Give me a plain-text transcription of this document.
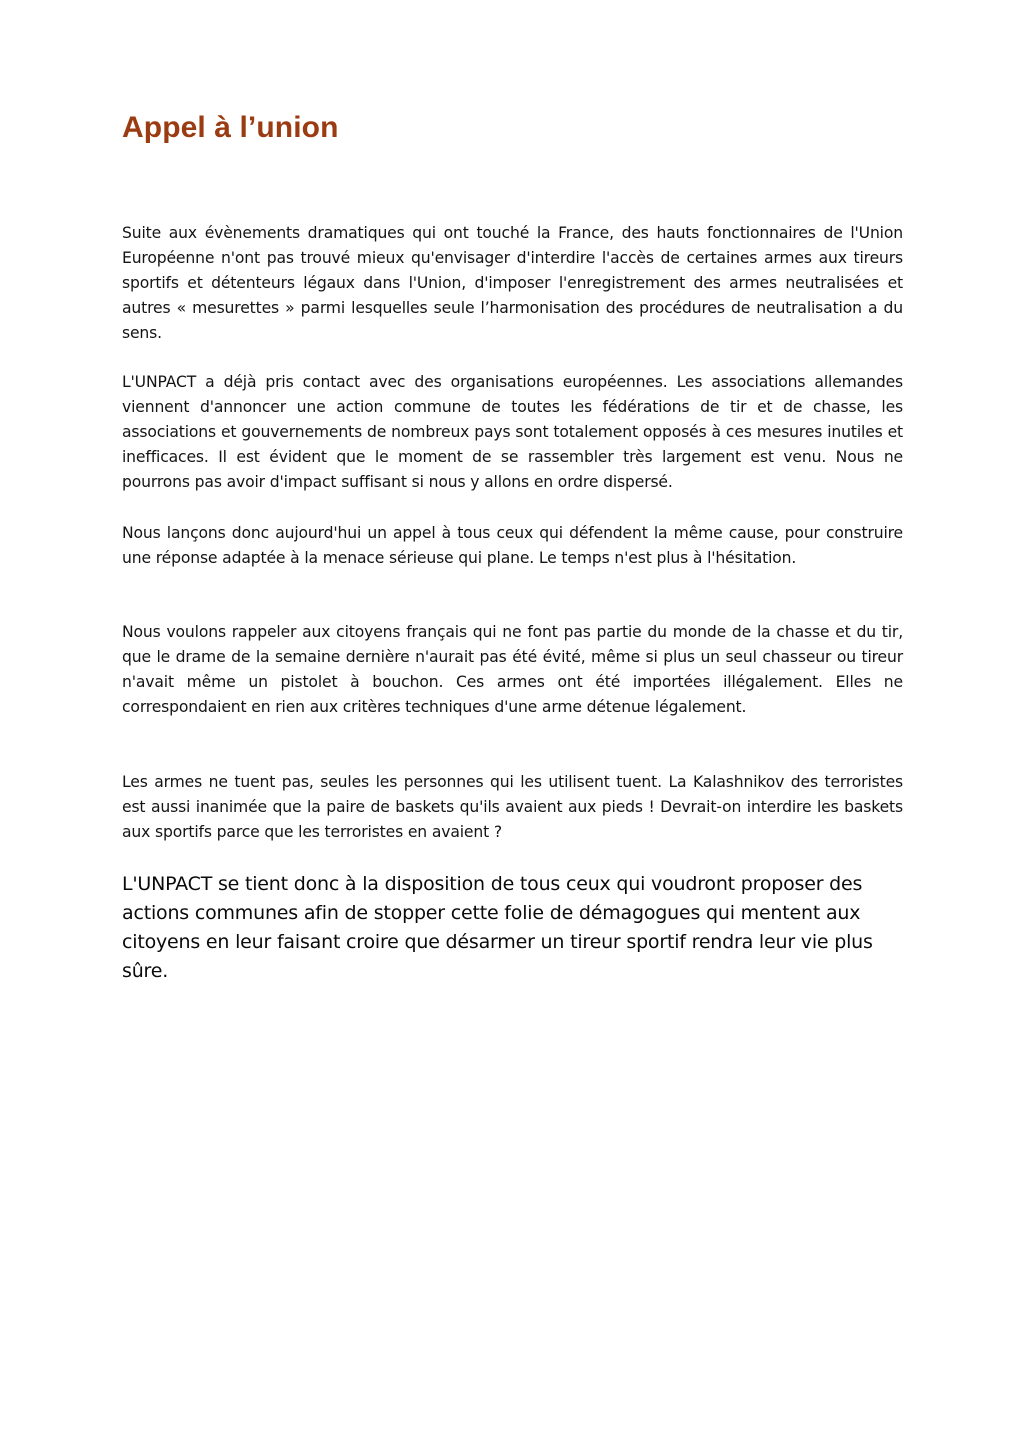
Appel à l’union

Suite aux évènements dramatiques qui ont touché la France, des hauts fonctionnaires de l'Union Européenne n'ont pas trouvé mieux qu'envisager d'interdire l'accès de certaines armes aux tireurs sportifs et détenteurs légaux dans l'Union, d'imposer l'enregistrement des armes neutralisées et autres « mesurettes » parmi lesquelles seule l’harmonisation des procédures de neutralisation a du sens.

L'UNPACT a déjà pris contact avec des organisations européennes. Les associations allemandes viennent d'annoncer une action commune de toutes les fédérations de tir et de chasse, les associations et gouvernements de nombreux pays sont totalement opposés à ces mesures inutiles et inefficaces. Il est évident que le moment de se rassembler très largement est venu. Nous ne pourrons pas avoir d'impact suffisant si nous y allons en ordre dispersé.

Nous lançons donc aujourd'hui un appel à tous ceux qui défendent la même cause, pour construire une réponse adaptée à la menace sérieuse qui plane. Le temps n'est plus à l'hésitation.

Nous voulons rappeler aux citoyens français qui ne font pas partie du monde de la chasse et du tir, que le drame de la semaine dernière n'aurait pas été évité, même si plus un seul chasseur ou tireur n'avait même un pistolet à bouchon. Ces armes ont été importées illégalement. Elles ne correspondaient en rien aux critères techniques d'une arme détenue légalement.

Les armes ne tuent pas, seules les personnes qui les utilisent tuent. La Kalashnikov des terroristes est aussi inanimée que la paire de baskets qu'ils avaient aux pieds ! Devrait-on interdire les baskets aux sportifs parce que les terroristes en avaient ?

L'UNPACT se tient donc à la disposition de tous ceux qui voudront proposer des actions communes afin de stopper cette folie de démagogues qui mentent aux citoyens en leur faisant croire que désarmer un tireur sportif rendra leur vie plus sûre.
